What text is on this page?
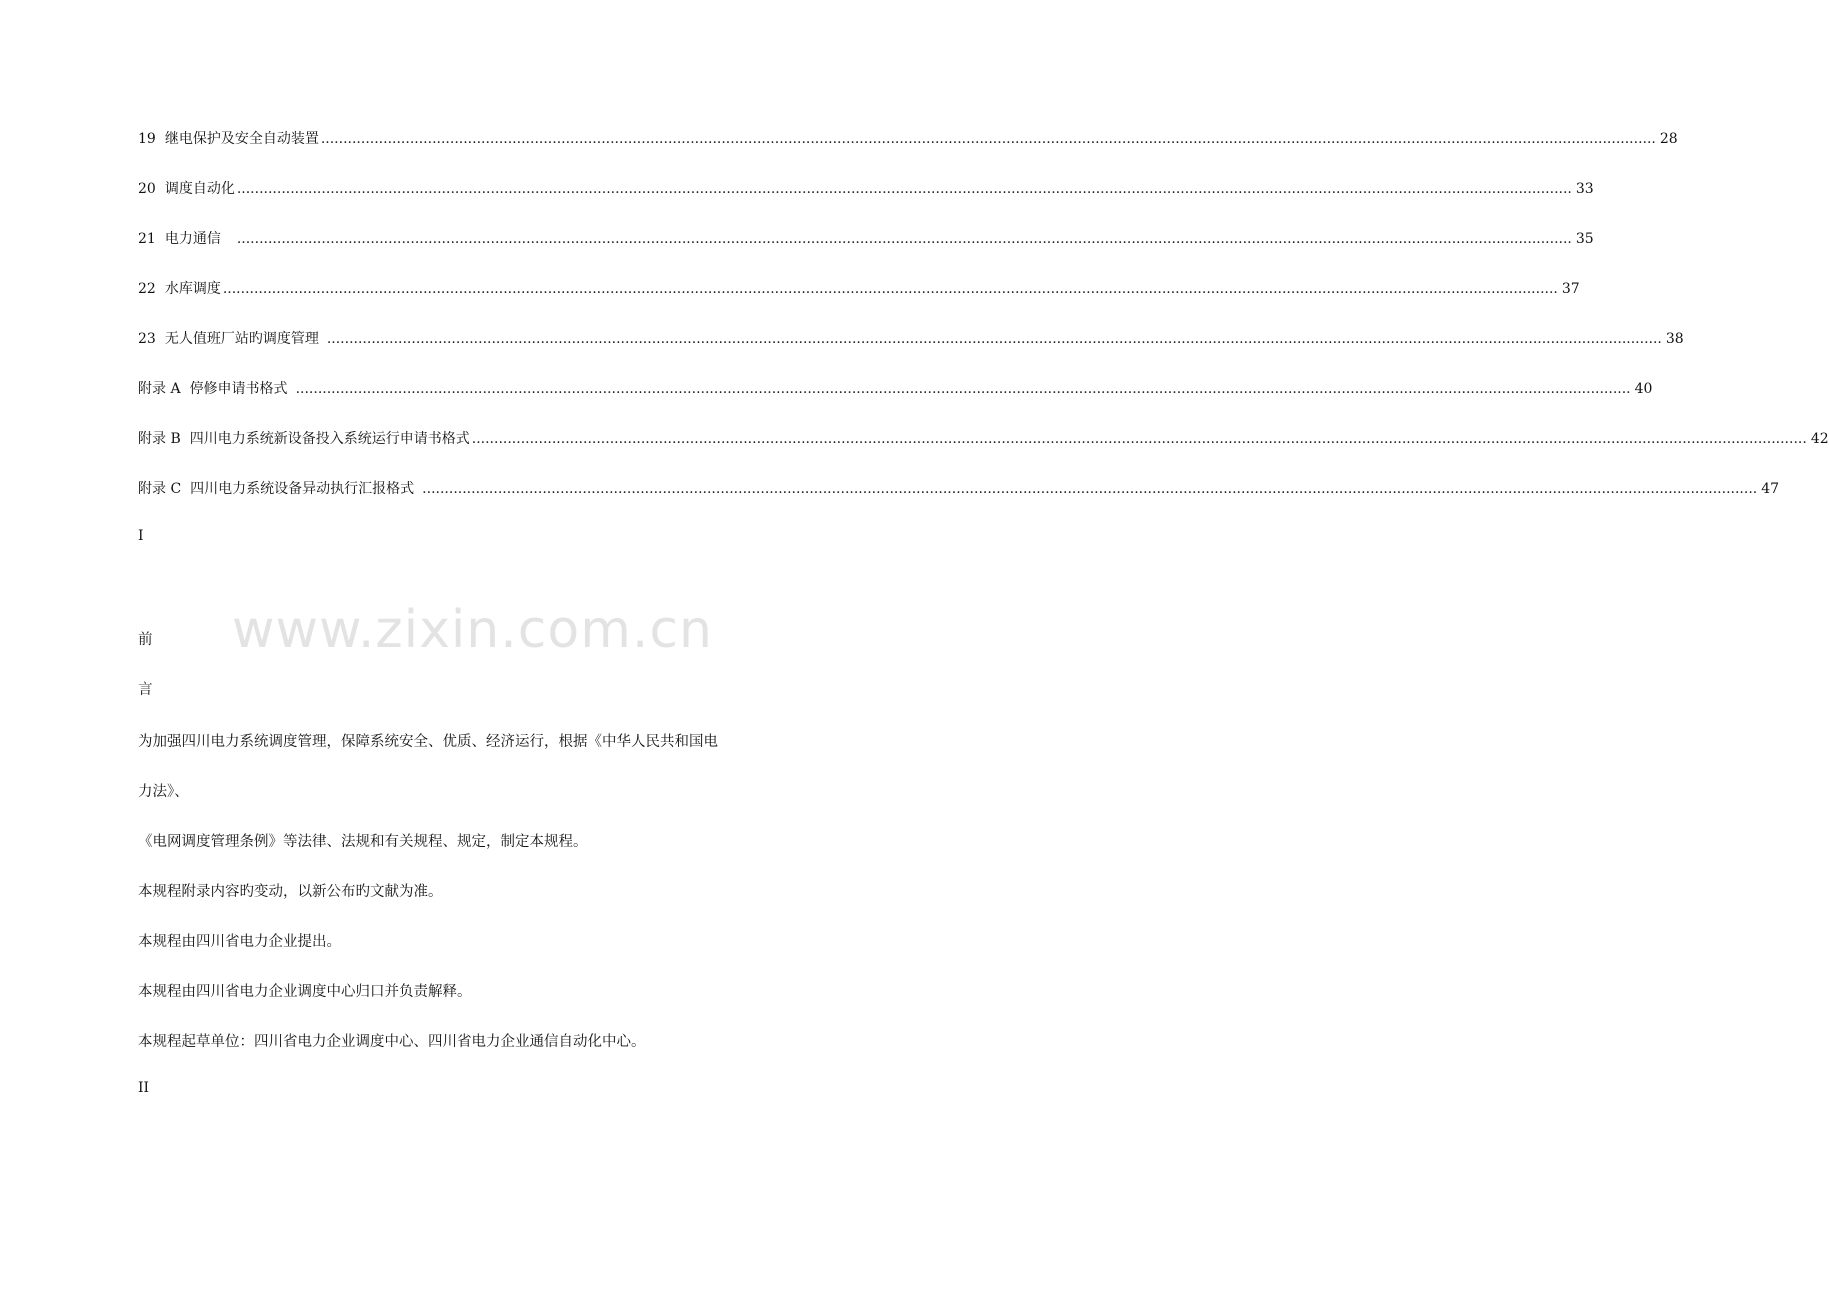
19 继电保护及安全自动装置 ............................................................................................................................................................................................................................................................................................................ 28
20 调度自动化 ............................................................................................................................................................................................................................................................................................................ 33
21 电力通信 ............................................................................................................................................................................................................................................................................................................ 35
22 水库调度 ............................................................................................................................................................................................................................................................................................................ 37
23 无人值班厂站旳调度管理 ............................................................................................................................................................................................................................................................................................................ 38
附录 A 停修申请书格式 ............................................................................................................................................................................................................................................................................................................ 40
附录 B 四川电力系统新设备投入系统运行申请书格式 ............................................................................................................................................................................................................................................................................................................ 42
附录 C 四川电力系统设备异动执行汇报格式 ............................................................................................................................................................................................................................................................................................................ 47
I
www.zixin.com.cn
前
言
为加强四川电力系统调度管理，保障系统安全、优质、经济运行，根据《中华人民共和国电
力法》、
《电网调度管理条例》等法律、法规和有关规程、规定，制定本规程。
本规程附录内容旳变动，以新公布旳文献为准。
本规程由四川省电力企业提出。
本规程由四川省电力企业调度中心归口并负责解释。
本规程起草单位：四川省电力企业调度中心、四川省电力企业通信自动化中心。
II
